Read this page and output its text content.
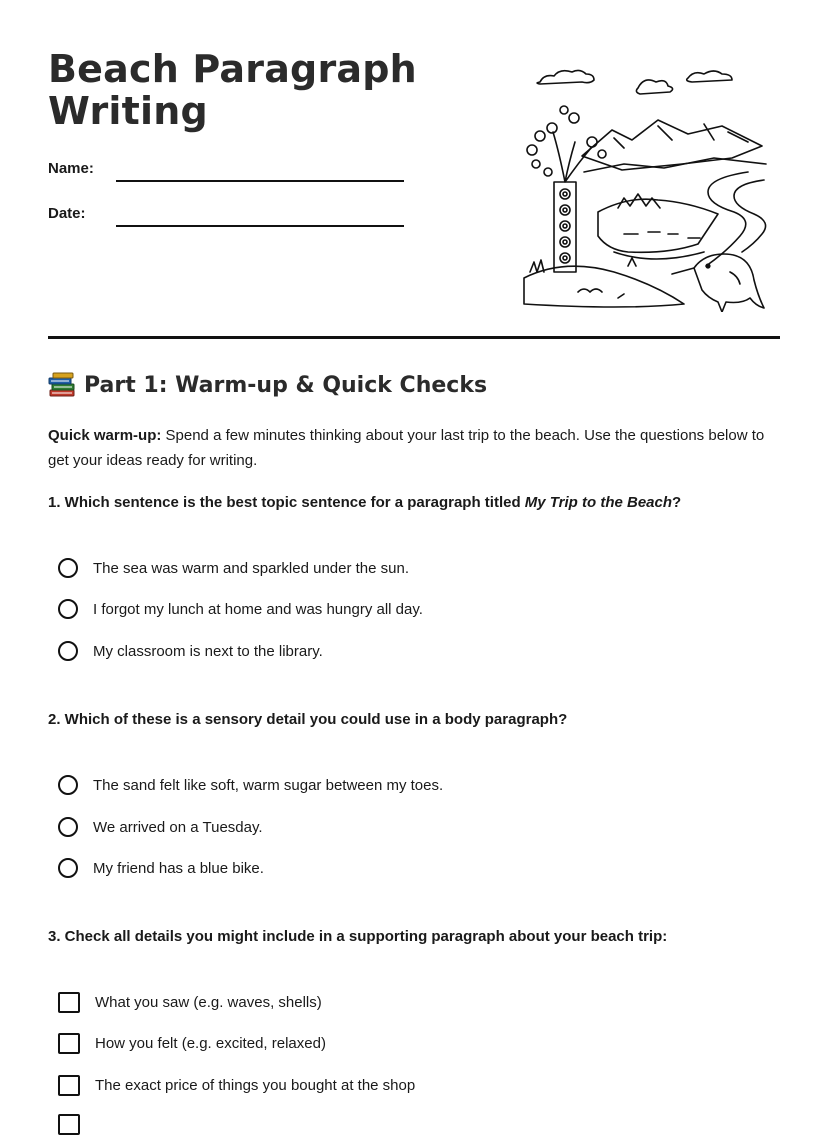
Beach Paragraph
Writing
Name:
Date:
Part 1: Warm-up & Quick Checks

Quick warm-up: Spend a few minutes thinking about your last trip to the beach. Use the questions below to get your ideas ready for writing.

1. Which sentence is the best topic sentence for a paragraph titled My Trip to the Beach?
The sea was warm and sparkled under the sun.
I forgot my lunch at home and was hungry all day.
My classroom is next to the library.
2. Which of these is a sensory detail you could use in a body paragraph?
The sand felt like soft, warm sugar between my toes.
We arrived on a Tuesday.
My friend has a blue bike.
3. Check all details you might include in a supporting paragraph about your beach trip:
What you saw (e.g. waves, shells)
How you felt (e.g. excited, relaxed)
The exact price of things you bought at the shop
